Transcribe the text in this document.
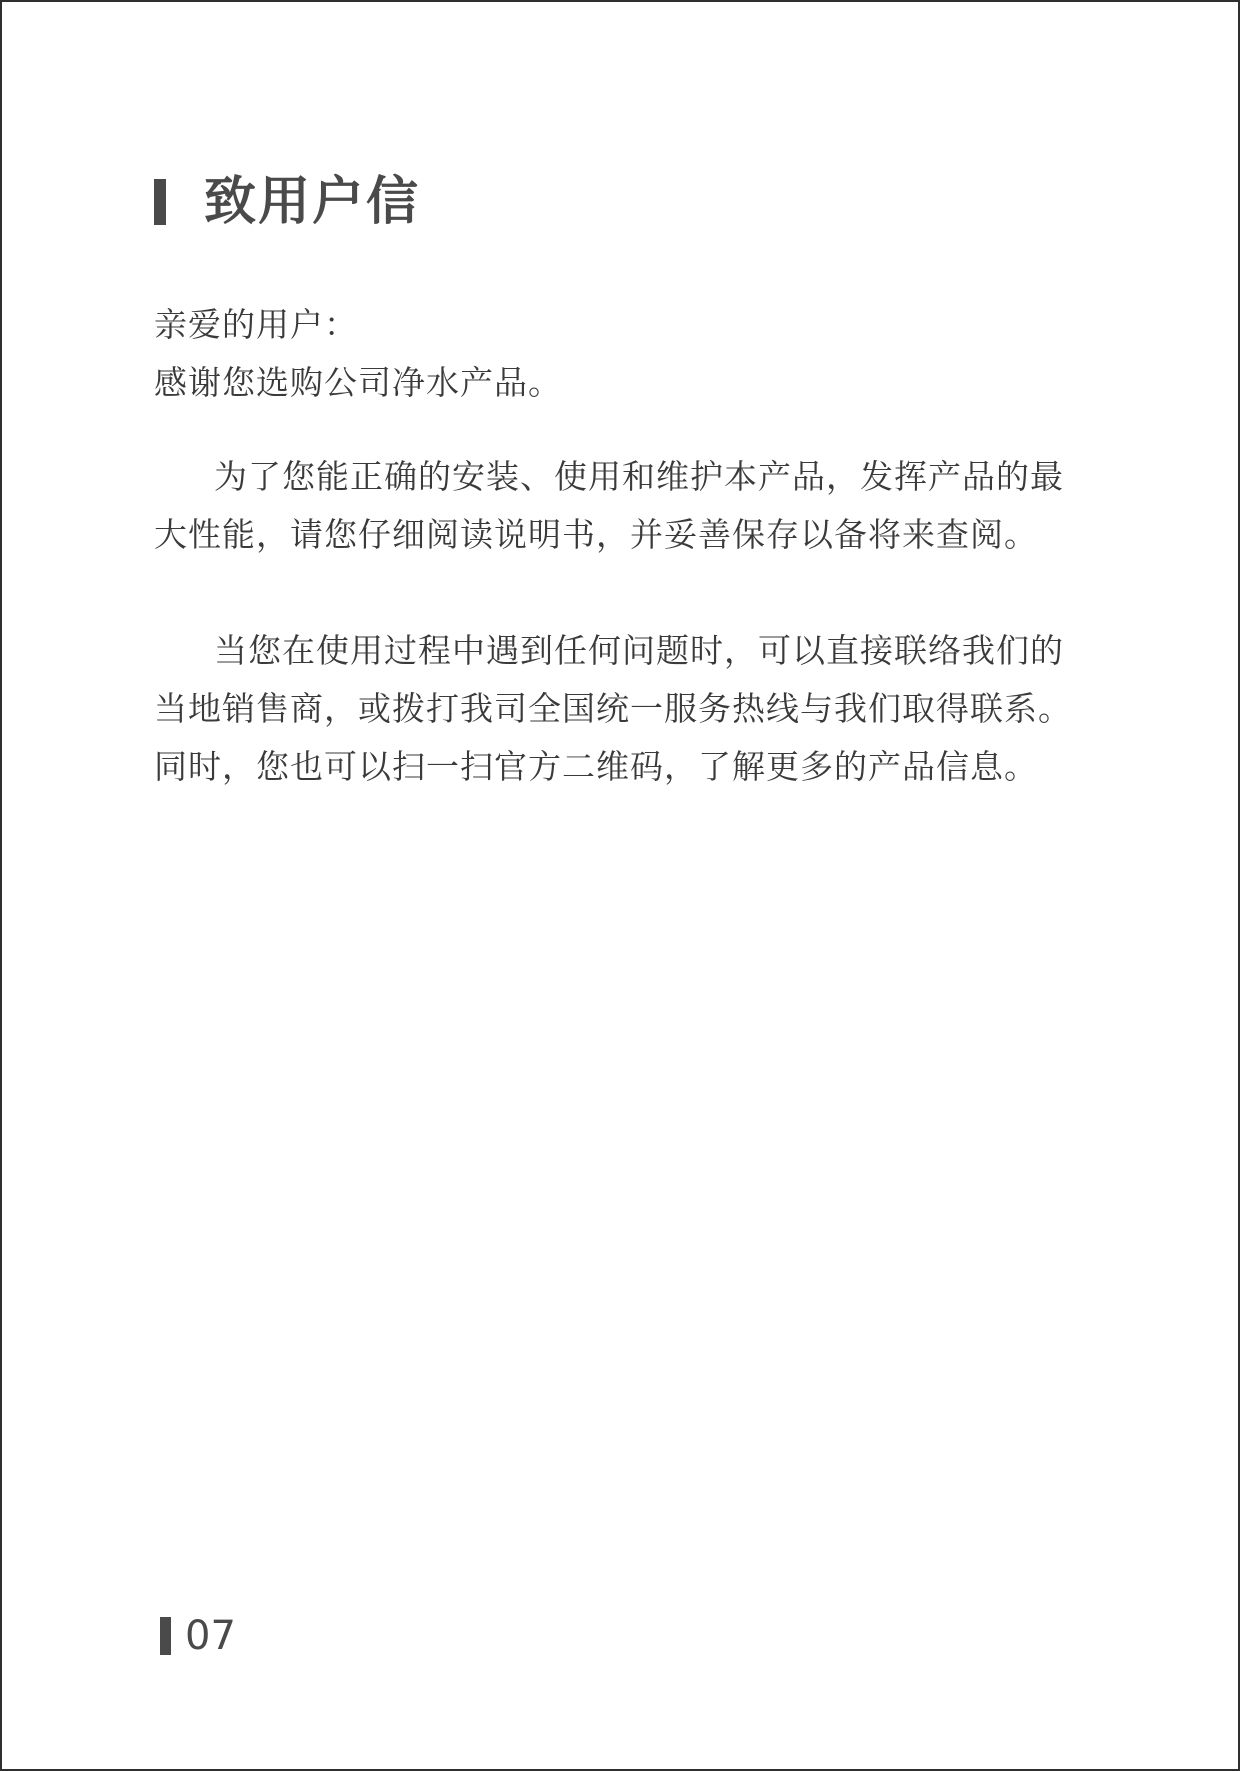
致用户信
亲爱的用户：
感谢您选购公司净水产品。
为了您能正确的安装、使用和维护本产品，发挥产品的最
大性能，请您仔细阅读说明书，并妥善保存以备将来查阅。
当您在使用过程中遇到任何问题时，可以直接联络我们的
当地销售商，或拨打我司全国统一服务热线与我们取得联系。
同时，您也可以扫一扫官方二维码，了解更多的产品信息。
07
